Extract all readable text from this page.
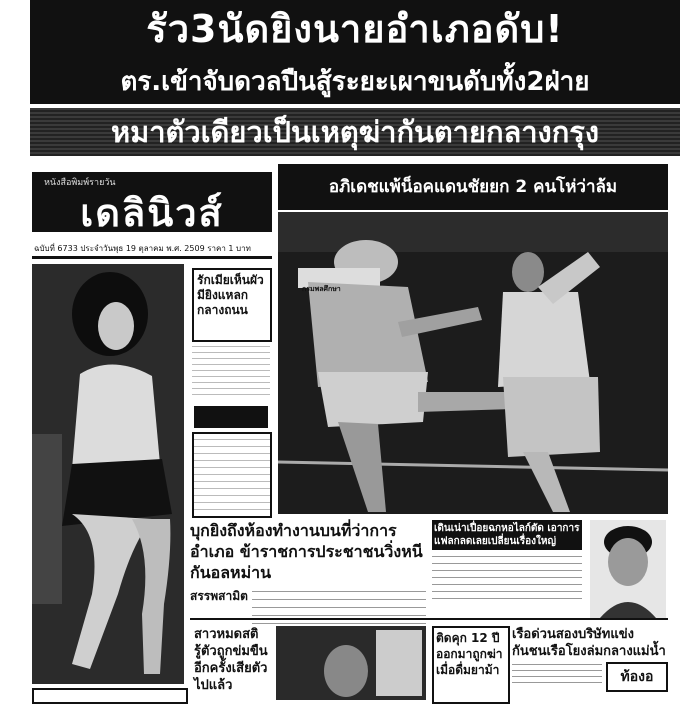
รัว3นัดยิงนายอำเภอดับ!
ตร.เข้าจับดวลปืนสู้ระยะเผาขนดับทั้ง2ฝ่าย
หมาตัวเดียวเป็นเหตุฆ่ากันตายกลางกรุง
หนังสือพิมพ์รายวัน
เดลินิวส์
ฉบับที่ 6733 ประจำวันพุธ 19 ตุลาคม พ.ศ. 2509 ราคา 1 บาท
รักเมียเห็นผัวมียิงแหลกกลางถนน
อภิเดชแพ้น็อคแดนชัยยก 2 คนโห่ว่าล้ม
กรมพลศึกษา
บุกยิงถึงห้องทำงานบนที่ว่าการอำเภอ ข้าราชการประชาชนวิ่งหนีกันอลหม่าน
สรรพสามิต
เดินเน่าเปื่อยฉกหอไลก์ตัด เอาการแฟลกลดเลยเปลี่ยนเรื่องใหญ่
สาวหมดสติรู้ตัวถูกข่มขืนอีกครั้งเสียตัวไปแล้ว
ติดคุก 12 ปี ออกมาถูกฆ่าเมื่อดื่มยาม้า
เรือด่วนสองบริษัทแข่งกันชนเรือโยงล่มกลางแม่น้ำ
ท้องอ
